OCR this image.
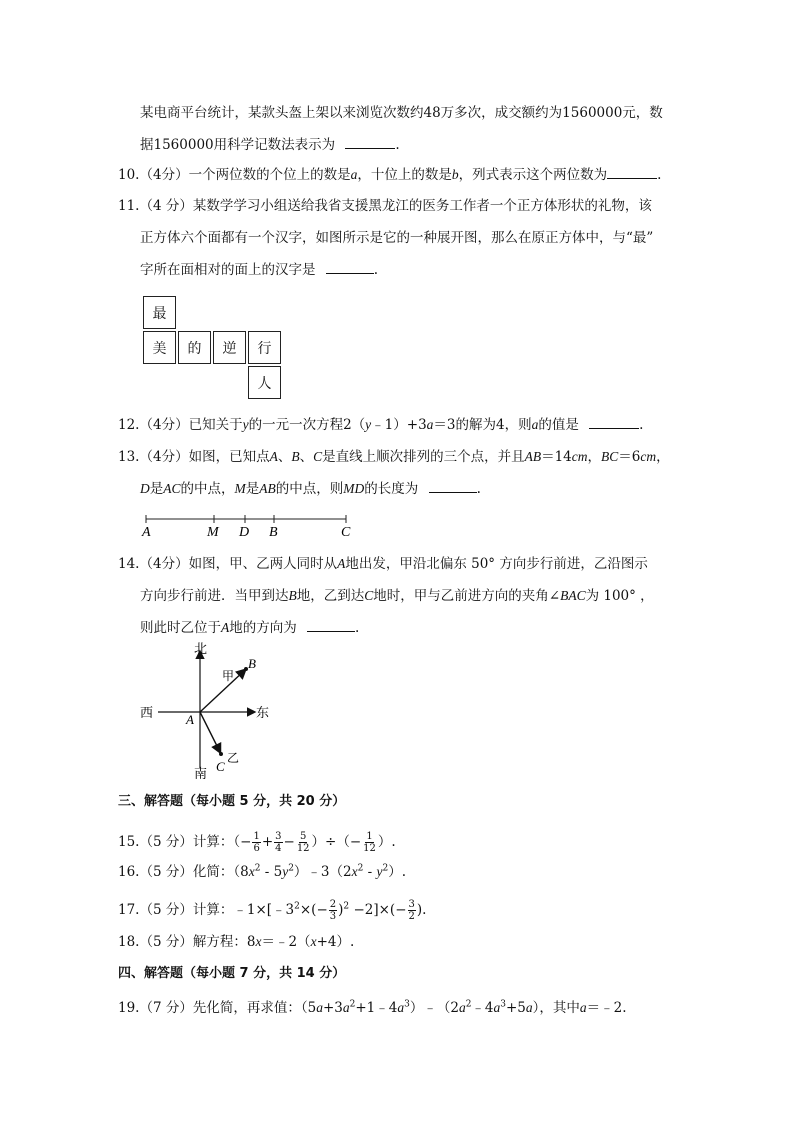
某电商平台统计，某款头盔上架以来浏览次数约48万多次，成交额约为1560000元，数
据1560000用科学记数法表示为	.
10.（4分）一个两位数的个位上的数是a，十位上的数是b，列式表示这个两位数为	.
11.（4 分）某数学学习小组送给我省支援黑龙江的医务工作者一个正方体形状的礼物，该
正方体六个面都有一个汉字，如图所示是它的一种展开图，那么在原正方体中，与“最”
字所在面相对的面上的汉字是	.
最
美	的	逆	行
人
12.（4分）已知关于y的一元一次方程2（y﹣1）+3a＝3的解为4，则a的值是	.
13.（4分）如图，已知点A、B、C是直线上顺次排列的三个点，并且AB＝14cm，BC＝6cm，
D是AC的中点，M是AB的中点，则MD的长度为	.
A	M D B	C
14.（4分）如图，甲、乙两人同时从A地出发，甲沿北偏东 50° 方向步行前进，乙沿图示
方向步行前进．当甲到达B地，乙到达C地时，甲与乙前进方向的夹角∠BAC为 100° ，
则此时乙位于A地的方向为	.
北
南
东
西
甲
乙
A
B
C
三、解答题（每小题 5 分，共 20 分）
15.（5 分）计算：（− $\frac{1}{6} + \frac{3}{4} - \frac{5}{12}$ ）÷（− $\frac{1}{12}$ ）.
16.（5 分）化简：（$8x^2$ - $5y^2)﹣3(2x^2 - y^2)$.
17.（5 分）计算：$﹣1\times[﹣3^2\times(- \frac{2}{3} )^2 -2]\times(- \frac{3}{2}$ ).
18.（5 分）解方程：8x＝﹣2（x+4）.
四、解答题（每小题 7 分，共 14 分）
19.（7 分）先化简，再求值：$(5a+3a^2+1﹣4a^3)﹣(2a^2﹣4a^3+5a)$，其中a＝﹣2.
